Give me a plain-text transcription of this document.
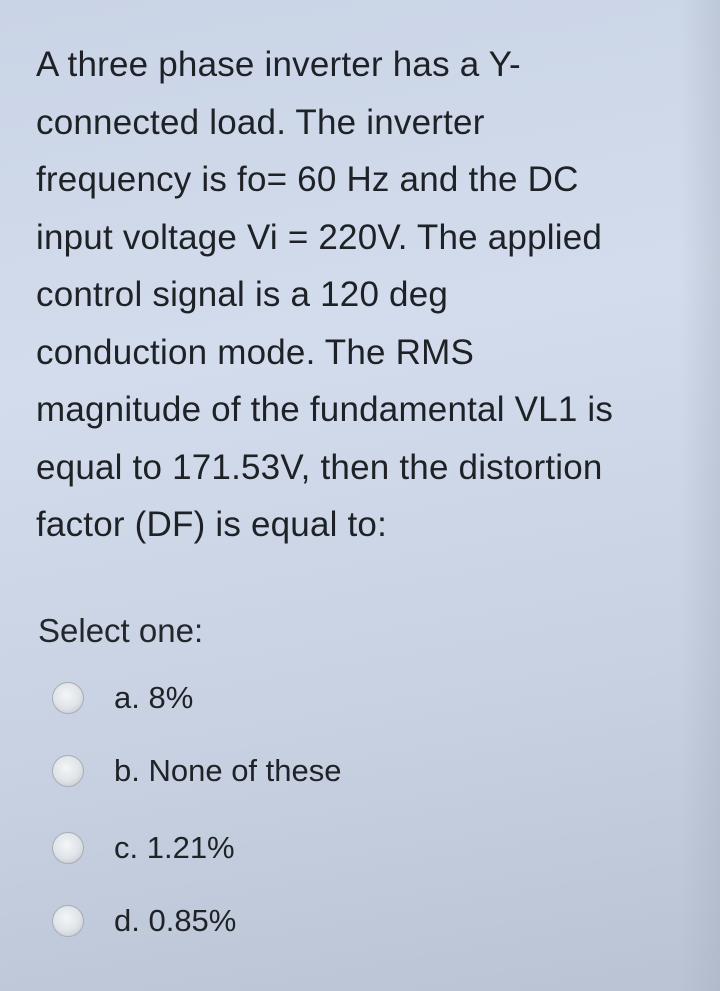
A three phase inverter has a Y-
connected load. The inverter
frequency is fo= 60 Hz and the DC
input voltage Vi = 220V. The applied
control signal is a 120 deg
conduction mode. The RMS
magnitude of the fundamental VL1 is
equal to 171.53V, then the distortion
factor (DF) is equal to:

Select one:

a. 8%
b. None of these
c. 1.21%
d. 0.85%
